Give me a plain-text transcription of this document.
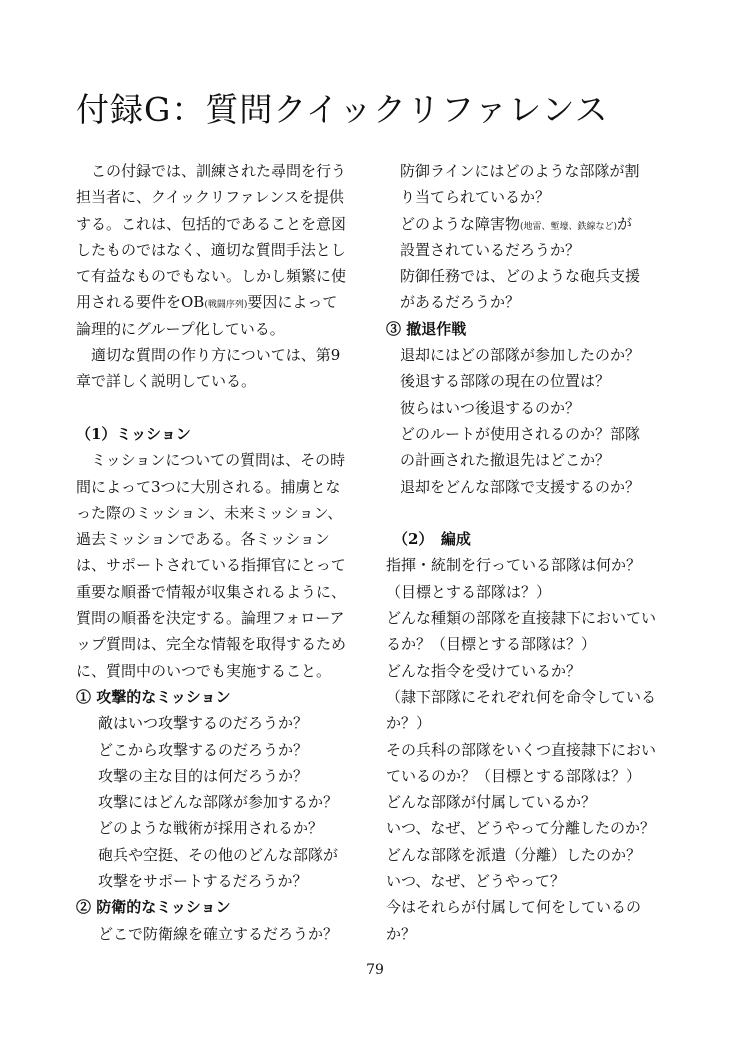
付録G：質問クイックリファレンス
この付録では、訓練された尋問を行う
担当者に、クイックリファレンスを提供
する。これは、包括的であることを意図
したものではなく、適切な質問手法とし
て有益なものでもない。しかし頻繁に使
用される要件をOB(戦闘序列)要因によって
論理的にグループ化している。
適切な質問の作り方については、第9
章で詳しく説明している。
（1）ミッション
ミッションについての質問は、その時
間によって3つに大別される。捕虜とな
った際のミッション、未来ミッション、
過去ミッションである。各ミッション
は、サポートされている指揮官にとって
重要な順番で情報が収集されるように、
質問の順番を決定する。論理フォローア
ップ質問は、完全な情報を取得するため
に、質問中のいつでも実施すること。
① 攻撃的なミッション
敵はいつ攻撃するのだろうか？
どこから攻撃するのだろうか？
攻撃の主な目的は何だろうか？
攻撃にはどんな部隊が参加するか？
どのような戦術が採用されるか？
砲兵や空挺、その他のどんな部隊が
攻撃をサポートするだろうか？
② 防衛的なミッション
どこで防衛線を確立するだろうか？
防御ラインにはどのような部隊が割
り当てられているか？
どのような障害物(地雷、塹壕、鉄線など)が
設置されているだろうか？
防御任務では、どのような砲兵支援
があるだろうか？
③ 撤退作戦
退却にはどの部隊が参加したのか？
後退する部隊の現在の位置は？
彼らはいつ後退するのか？
どのルートが使用されるのか？部隊
の計画された撤退先はどこか？
退却をどんな部隊で支援するのか？
（2）　編成
指揮・統制を行っている部隊は何か？
（目標とする部隊は？）
どんな種類の部隊を直接隷下においてい
るか？（目標とする部隊は？）
どんな指令を受けているか？
（隷下部隊にそれぞれ何を命令している
か？）
その兵科の部隊をいくつ直接隷下におい
ているのか？（目標とする部隊は？）
どんな部隊が付属しているか？
いつ、なぜ、どうやって分離したのか？
どんな部隊を派遣（分離）したのか？
いつ、なぜ、どうやって？
今はそれらが付属して何をしているの
か？
79
